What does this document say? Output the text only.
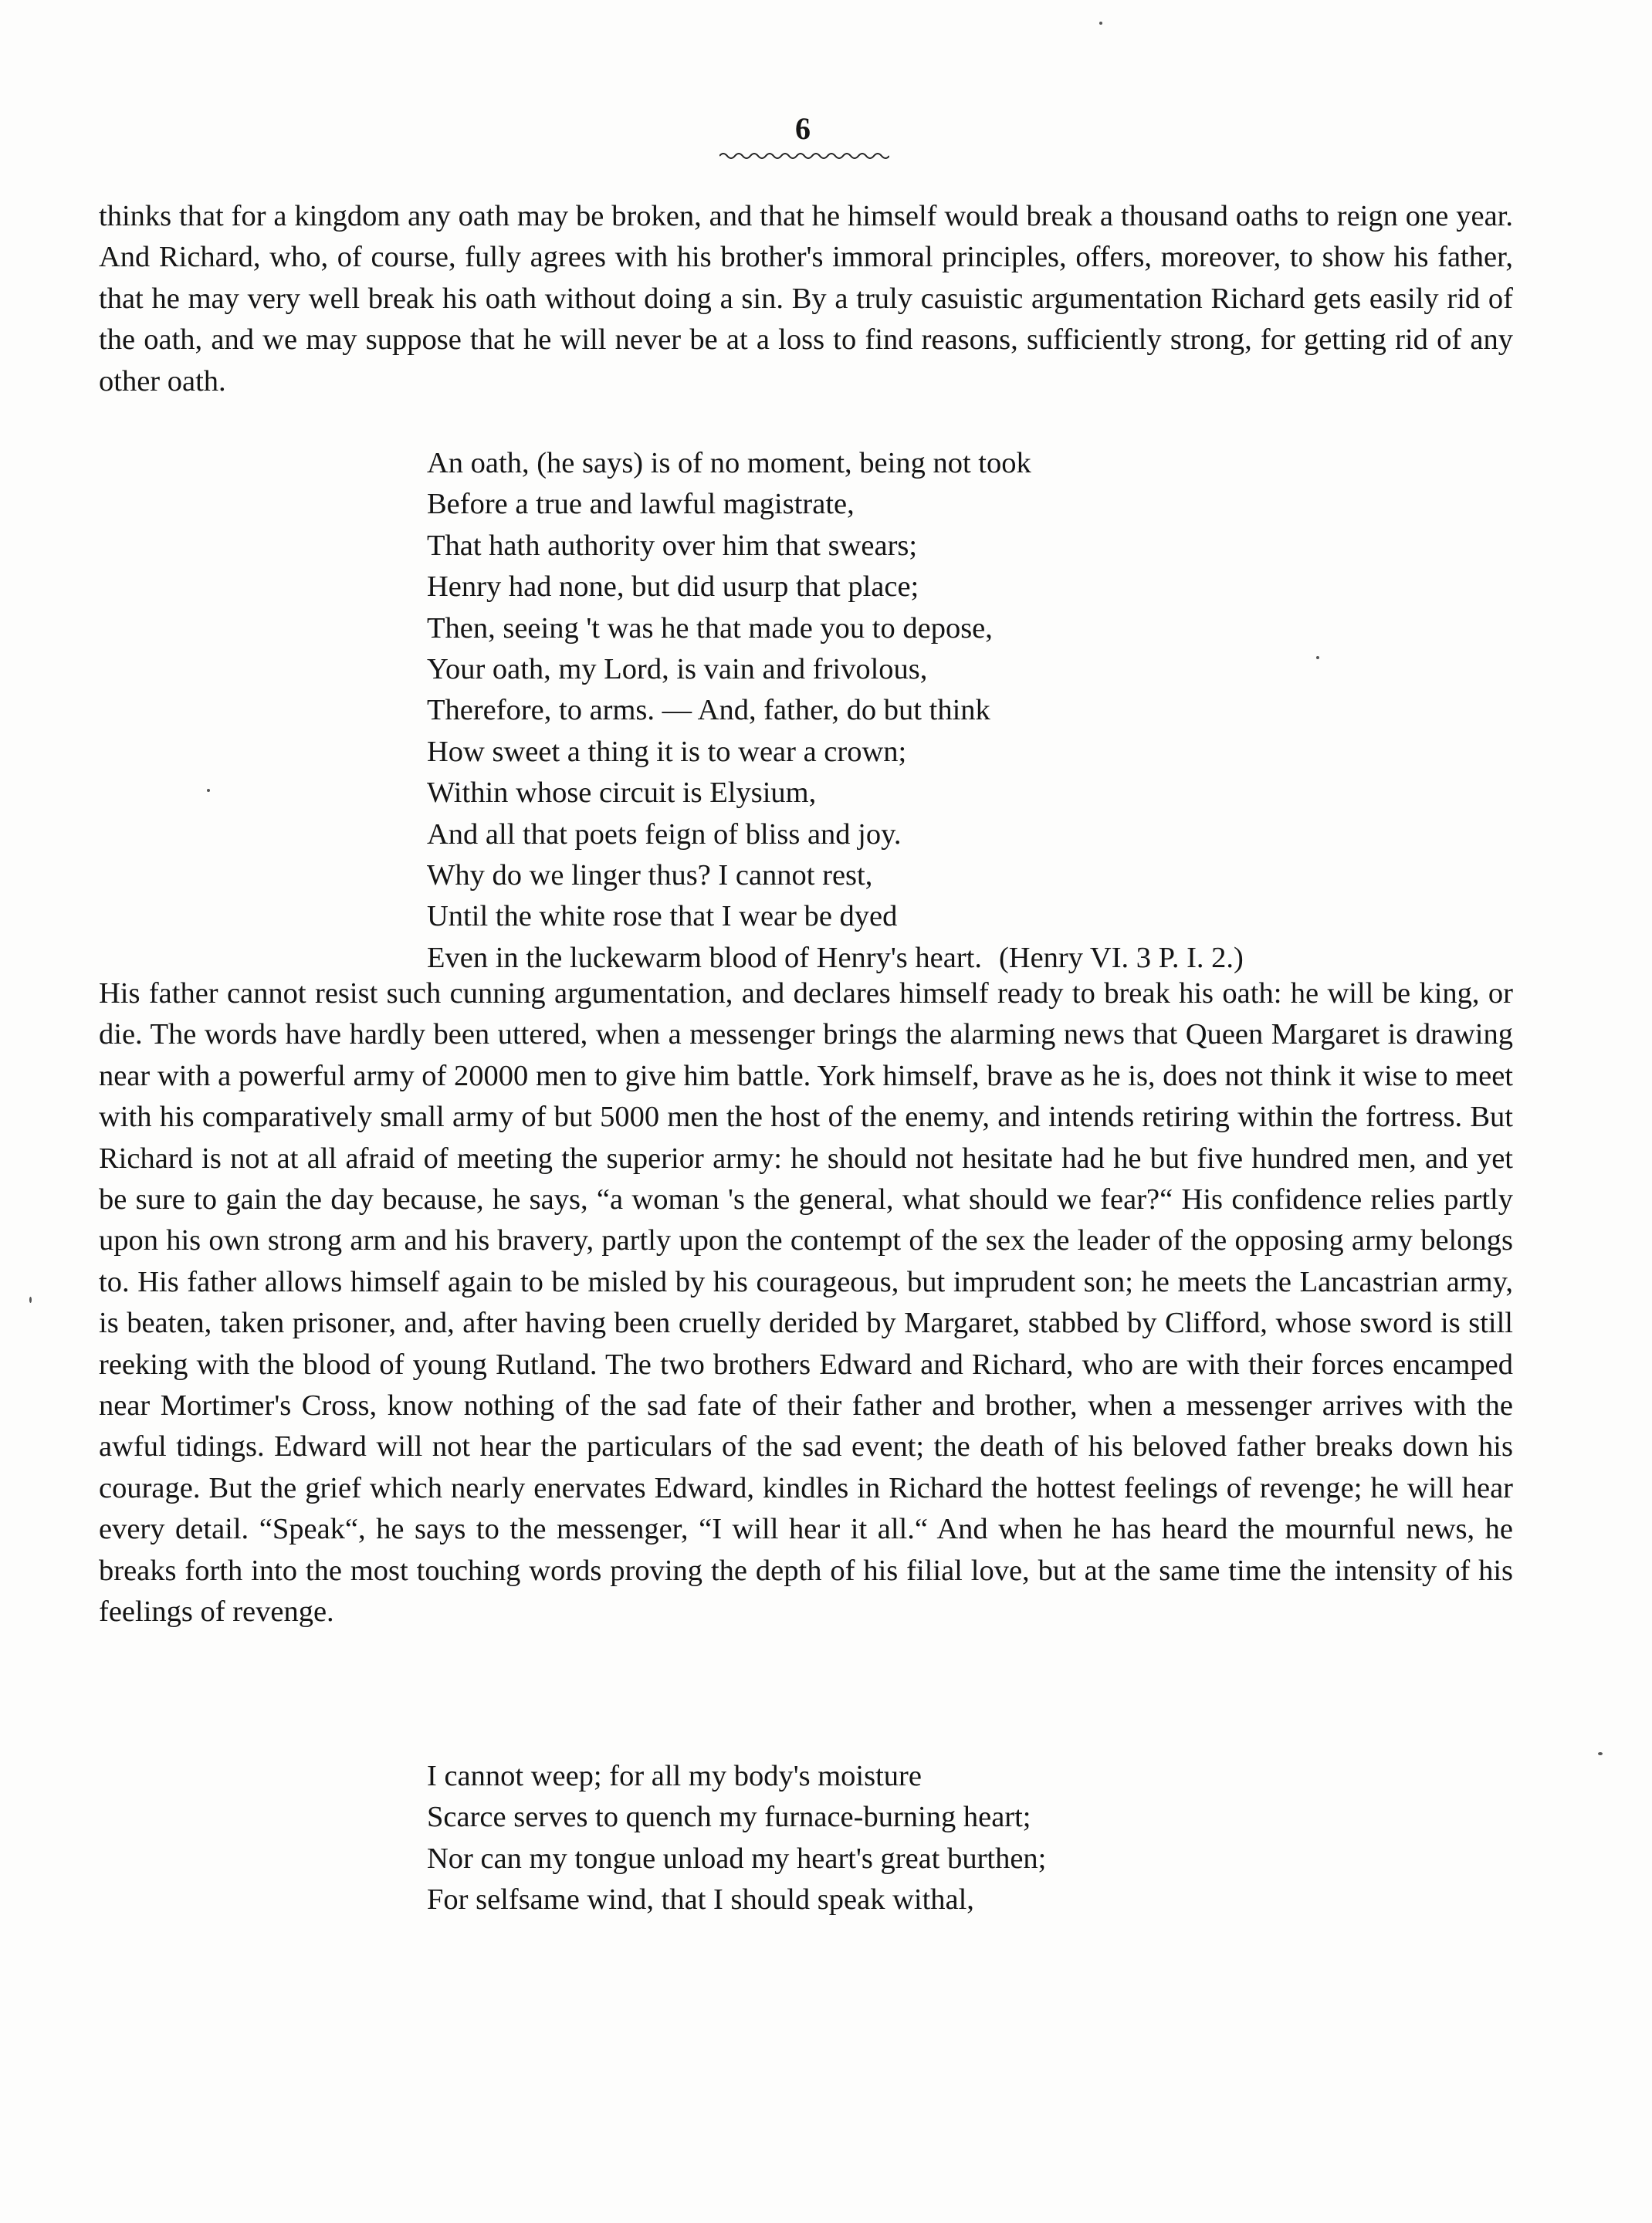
6

thinks that for a kingdom any oath may be broken, and that he himself would break a thousand oaths to reign one year. And Richard, who, of course, fully agrees with his brother's immoral principles, offers, moreover, to show his father, that he may very well break his oath without doing a sin. By a truly casuistic argumentation Richard gets easily rid of the oath, and we may suppose that he will never be at a loss to find reasons, sufficiently strong, for getting rid of any other oath.

An oath, (he says) is of no moment, being not took
Before a true and lawful magistrate,
That hath authority over him that swears;
Henry had none, but did usurp that place;
Then, seeing 't was he that made you to depose,
Your oath, my Lord, is vain and frivolous,
Therefore, to arms. — And, father, do but think
How sweet a thing it is to wear a crown;
Within whose circuit is Elysium,
And all that poets feign of bliss and joy.
Why do we linger thus? I cannot rest,
Until the white rose that I wear be dyed
Even in the luckewarm blood of Henry's heart. (Henry VI. 3 P. I. 2.)

His father cannot resist such cunning argumentation, and declares himself ready to break his oath: he will be king, or die. The words have hardly been uttered, when a messenger brings the alarming news that Queen Margaret is drawing near with a powerful army of 20000 men to give him battle. York himself, brave as he is, does not think it wise to meet with his comparatively small army of but 5000 men the host of the enemy, and intends retiring within the fortress. But Richard is not at all afraid of meeting the superior army: he should not hesitate had he but five hundred men, and yet be sure to gain the day because, he says, “a woman 's the general, what should we fear?“ His confidence relies partly upon his own strong arm and his bravery, partly upon the contempt of the sex the leader of the opposing army belongs to. His father allows himself again to be misled by his courageous, but imprudent son; he meets the Lancastrian army, is beaten, taken prisoner, and, after having been cruelly derided by Margaret, stabbed by Clifford, whose sword is still reeking with the blood of young Rutland. The two brothers Edward and Richard, who are with their forces encamped near Mortimer's Cross, know nothing of the sad fate of their father and brother, when a messenger arrives with the awful tidings. Edward will not hear the particulars of the sad event; the death of his beloved father breaks down his courage. But the grief which nearly enervates Edward, kindles in Richard the hottest feelings of revenge; he will hear every detail. “Speak“, he says to the messenger, “I will hear it all.“ And when he has heard the mournful news, he breaks forth into the most touching words proving the depth of his filial love, but at the same time the intensity of his feelings of revenge.

I cannot weep; for all my body's moisture
Scarce serves to quench my furnace-burning heart;
Nor can my tongue unload my heart's great burthen;
For selfsame wind, that I should speak withal,
